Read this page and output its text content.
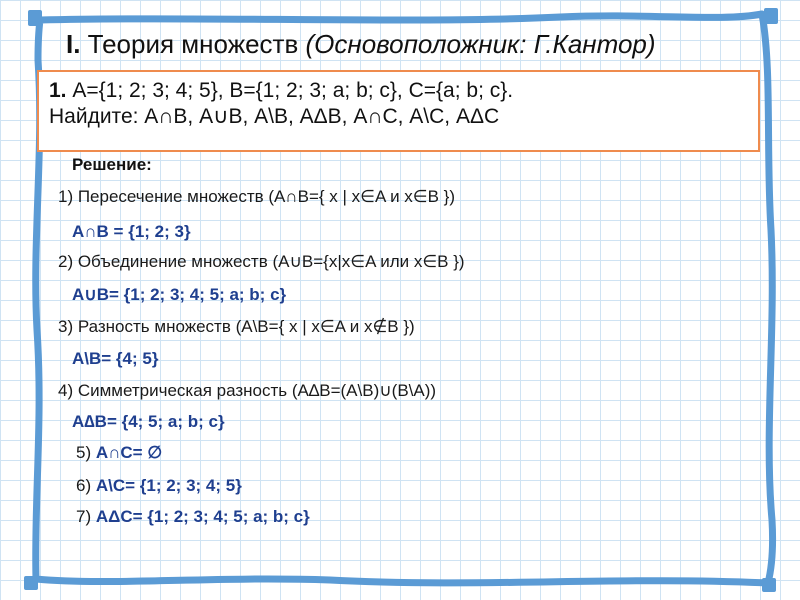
I. Теория множеств (Основоположник: Г.Кантор)
1. А={1; 2; 3; 4; 5}, В={1; 2; 3; a; b; c}, С={a; b; c}.
Найдите: А∩В, А∪В, А\В, АΔВ, А∩С, А\С, АΔС
Решение:
1) Пересечение множеств (А∩В={ x | x∈A и x∈B })
А∩В = {1; 2; 3}
2) Объединение множеств (А∪В={x|x∈A или x∈B })
А∪В= {1; 2; 3; 4; 5; a; b; c}
3) Разность множеств (А\В={ x | x∈A и x∉B })
А\В= {4; 5}
4) Симметрическая разность (А∆В=(А\В)∪(В\А))
А∆В= {4; 5; a; b; c}
5) А∩С= ∅
6) А\С= {1; 2; 3; 4; 5}
7) АΔС= {1; 2; 3; 4; 5; a; b; c}
